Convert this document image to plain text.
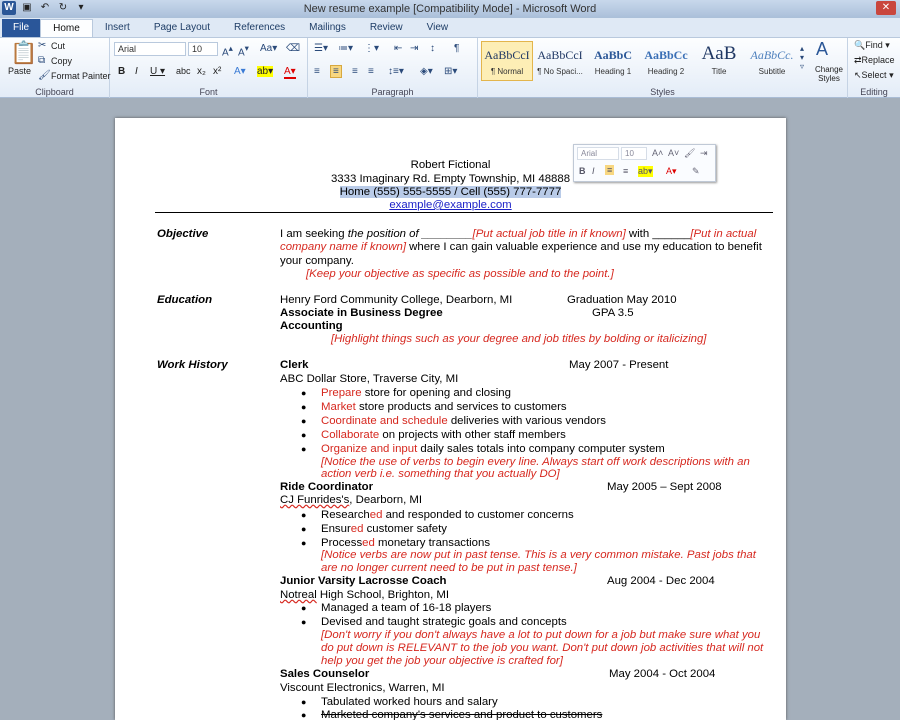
W ▣ ↶ ↻	▾	New resume example [Compatibility Mode] - Microsoft Word	✕
File	Home	Insert	Page Layout	References	Mailings	Review	View
📋
Paste
✂ Cut
⧉ Copy
🖌 Format Painter
Clipboard
Arial	10	A▴ A▾ Aa▾ ⌫
B I U ▾ abc x₂ x² A▾ ab▾ A▾
Font
☰▾ ≔▾ ⋮▾ ⇤ ⇥ ↕ ¶
≡	≡	≡ ≡ ↕≡▾ ◈▾ ⊞▾
Paragraph
AaBbCcI
¶ Normal
AaBbCcI
¶ No Spaci...
AaBbC
Heading 1
AaBbCc
Heading 2
AaB
Title
AaBbCc.
Subtitle
▴
▾
▿
A
Change Styles
Styles
🔍Find ▾
⇄Replace
↖Select ▾
Editing
Robert Fictional
3333 Imaginary Rd. Empty Township, MI 48888
Home (555) 555-5555 / Cell (555) 777-7777
example@example.com
Objective	I am seeking the position of ________[Put actual job title in if known] with ______[Put in actual
company name if known] where I can gain valuable experience and use my education to benefit
your company.
[Keep your objective as specific as possible and to the point.]
Education	Henry Ford Community College, Dearborn, MI	Graduation May 2010
Associate in Business Degree	GPA 3.5
Accounting
[Highlight things such as your degree and job titles by bolding or italicizing]
Work History	Clerk	May 2007 - Present
ABC Dollar Store, Traverse City, MI
● Prepare store for opening and closing
● Market store products and services to customers
● Coordinate and schedule deliveries with various vendors
● Collaborate on projects with other staff members
● Organize and input daily sales totals into company computer system
[Notice the use of verbs to begin every line. Always start off work descriptions with an
action verb i.e. something that you actually DO]
Ride Coordinator	May 2005 – Sept 2008
CJ Funrides's, Dearborn, MI
● Researched and responded to customer concerns
● Ensured customer safety
● Processed monetary transactions
[Notice verbs are now put in past tense. This is a very common mistake. Past jobs that
are no longer current need to be put in past tense.]
Junior Varsity Lacrosse Coach	Aug 2004 - Dec 2004
Notreal High School, Brighton, MI
● Managed a team of 16-18 players
● Devised and taught strategic goals and concepts
[Don't worry if you don't always have a lot to put down for a job but make sure what you
do put down is RELEVANT to the job you want. Don't put down job activities that will not
help you get the job your objective is crafted for]
Sales Counselor	May 2004 - Oct 2004
Viscount Electronics, Warren, MI
● Tabulated worked hours and salary
● Marketed company's services and product to customers
Arial	10	A˄ A˅ 🖌 ⇥
B I ≡ ≡ ab▾ A▾ ✎
